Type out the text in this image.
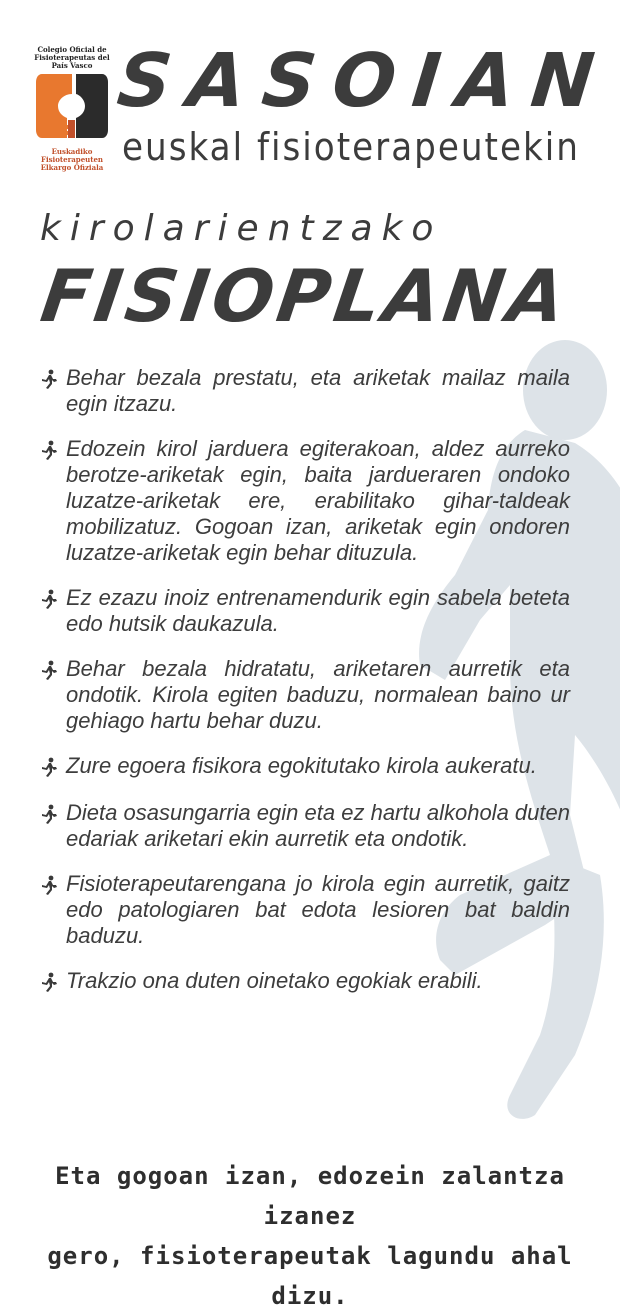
Colegio Oficial de Fisioterapeutas del País Vasco
Euskadiko Fisioterapeuten Elkargo Ofiziala
SASOIAN
euskal fisioterapeutekin
kirolarientzako
FISIOPLANA
Behar bezala prestatu, eta ariketak mailaz maila egin itzazu.
Edozein kirol jarduera egiterakoan, aldez aurreko berotze-ariketak egin, baita jardueraren ondoko luzatze-ariketak ere, erabilitako gihar-taldeak mobilizatuz. Gogoan izan, ariketak egin ondoren luzatze-ariketak egin behar dituzula.
Ez ezazu inoiz entrenamendurik egin sabela beteta edo hutsik daukazula.
Behar bezala hidratatu, ariketaren aurretik eta ondotik. Kirola egiten baduzu, normalean baino ur gehiago hartu behar duzu.
Zure egoera fisikora egokitutako kirola aukeratu.
Dieta osasungarria egin eta ez hartu alkohola duten edariak ariketari ekin aurretik eta ondotik.
Fisioterapeutarengana jo kirola egin aurretik, gaitz edo patologiaren bat edota lesioren bat baldin baduzu.
Trakzio ona duten oinetako egokiak erabili.
Eta gogoan izan, edozein zalantza izanez
gero, fisioterapeutak lagundu ahal dizu.
